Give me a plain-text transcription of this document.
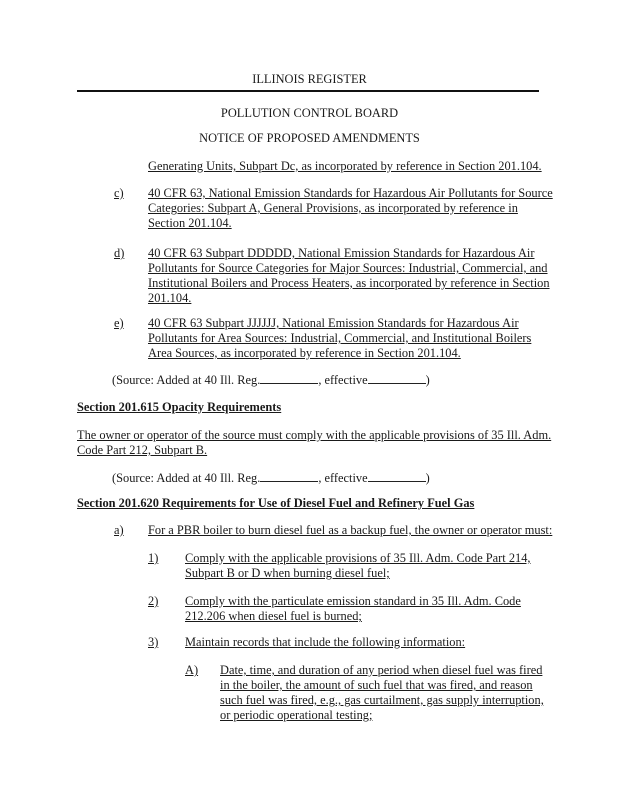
ILLINOIS REGISTER
POLLUTION CONTROL BOARD
NOTICE OF PROPOSED AMENDMENTS
Generating Units, Subpart Dc, as incorporated by reference in Section 201.104.
c) 40 CFR 63, National Emission Standards for Hazardous Air Pollutants for Source
Categories: Subpart A, General Provisions, as incorporated by reference in
Section 201.104.
d) 40 CFR 63 Subpart DDDDD, National Emission Standards for Hazardous Air
Pollutants for Source Categories for Major Sources: Industrial, Commercial, and
Institutional Boilers and Process Heaters, as incorporated by reference in Section
201.104.
e) 40 CFR 63 Subpart JJJJJJ, National Emission Standards for Hazardous Air
Pollutants for Area Sources: Industrial, Commercial, and Institutional Boilers
Area Sources, as incorporated by reference in Section 201.104.
(Source: Added at 40 Ill. Reg.	, effective	)
Section 201.615 Opacity Requirements
The owner or operator of the source must comply with the applicable provisions of 35 Ill. Adm.
Code Part 212, Subpart B.
(Source: Added at 40 Ill. Reg.	, effective	)
Section 201.620 Requirements for Use of Diesel Fuel and Refinery Fuel Gas
a) For a PBR boiler to burn diesel fuel as a backup fuel, the owner or operator must:
1) Comply with the applicable provisions of 35 Ill. Adm. Code Part 214,
Subpart B or D when burning diesel fuel;
2) Comply with the particulate emission standard in 35 Ill. Adm. Code
212.206 when diesel fuel is burned;
3) Maintain records that include the following information:
A) Date, time, and duration of any period when diesel fuel was fired
in the boiler, the amount of such fuel that was fired, and reason
such fuel was fired, e.g., gas curtailment, gas supply interruption,
or periodic operational testing;
